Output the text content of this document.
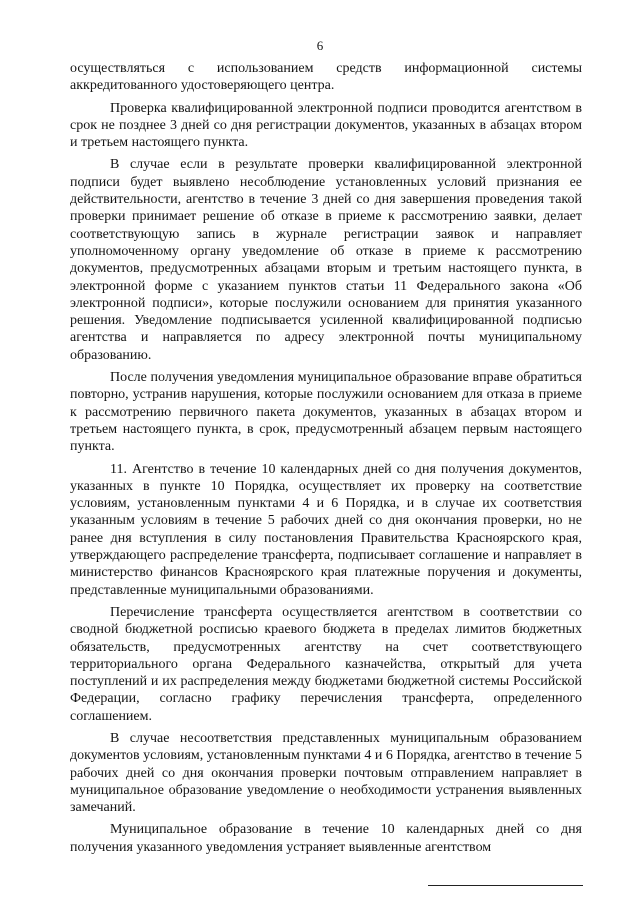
6

осуществляться с использованием средств информационной системы аккредитованного удостоверяющего центра.

Проверка квалифицированной электронной подписи проводится агентством в срок не позднее 3 дней со дня регистрации документов, указанных в абзацах втором и третьем настоящего пункта.

В случае если в результате проверки квалифицированной электронной подписи будет выявлено несоблюдение установленных условий признания ее действительности, агентство в течение 3 дней со дня завершения проведения такой проверки принимает решение об отказе в приеме к рассмотрению заявки, делает соответствующую запись в журнале регистрации заявок и направляет уполномоченному органу уведомление об отказе в приеме к рассмотрению документов, предусмотренных абзацами вторым и третьим настоящего пункта, в электронной форме с указанием пунктов статьи 11 Федерального закона «Об электронной подписи», которые послужили основанием для принятия указанного решения. Уведомление подписывается усиленной квалифицированной подписью агентства и направляется по адресу электронной почты муниципальному образованию.

После получения уведомления муниципальное образование вправе обратиться повторно, устранив нарушения, которые послужили основанием для отказа в приеме к рассмотрению первичного пакета документов, указанных в абзацах втором и третьем настоящего пункта, в срок, предусмотренный абзацем первым настоящего пункта.

11. Агентство в течение 10 календарных дней со дня получения документов, указанных в пункте 10 Порядка, осуществляет их проверку на соответствие условиям, установленным пунктами 4 и 6 Порядка, и в случае их соответствия указанным условиям в течение 5 рабочих дней со дня окончания проверки, но не ранее дня вступления в силу постановления Правительства Красноярского края, утверждающего распределение трансферта, подписывает соглашение и направляет в министерство финансов Красноярского края платежные поручения и документы, представленные муниципальными образованиями.

Перечисление трансферта осуществляется агентством в соответствии со сводной бюджетной росписью краевого бюджета в пределах лимитов бюджетных обязательств, предусмотренных агентству на счет соответствующего территориального органа Федерального казначейства, открытый для учета поступлений и их распределения между бюджетами бюджетной системы Российской Федерации, согласно графику перечисления трансферта, определенного соглашением.

В случае несоответствия представленных муниципальным образованием документов условиям, установленным пунктами 4 и 6 Порядка, агентство в течение 5 рабочих дней со дня окончания проверки почтовым отправлением направляет в муниципальное образование уведомление о необходимости устранения выявленных замечаний.

Муниципальное образование в течение 10 календарных дней со дня получения указанного уведомления устраняет выявленные агентством
